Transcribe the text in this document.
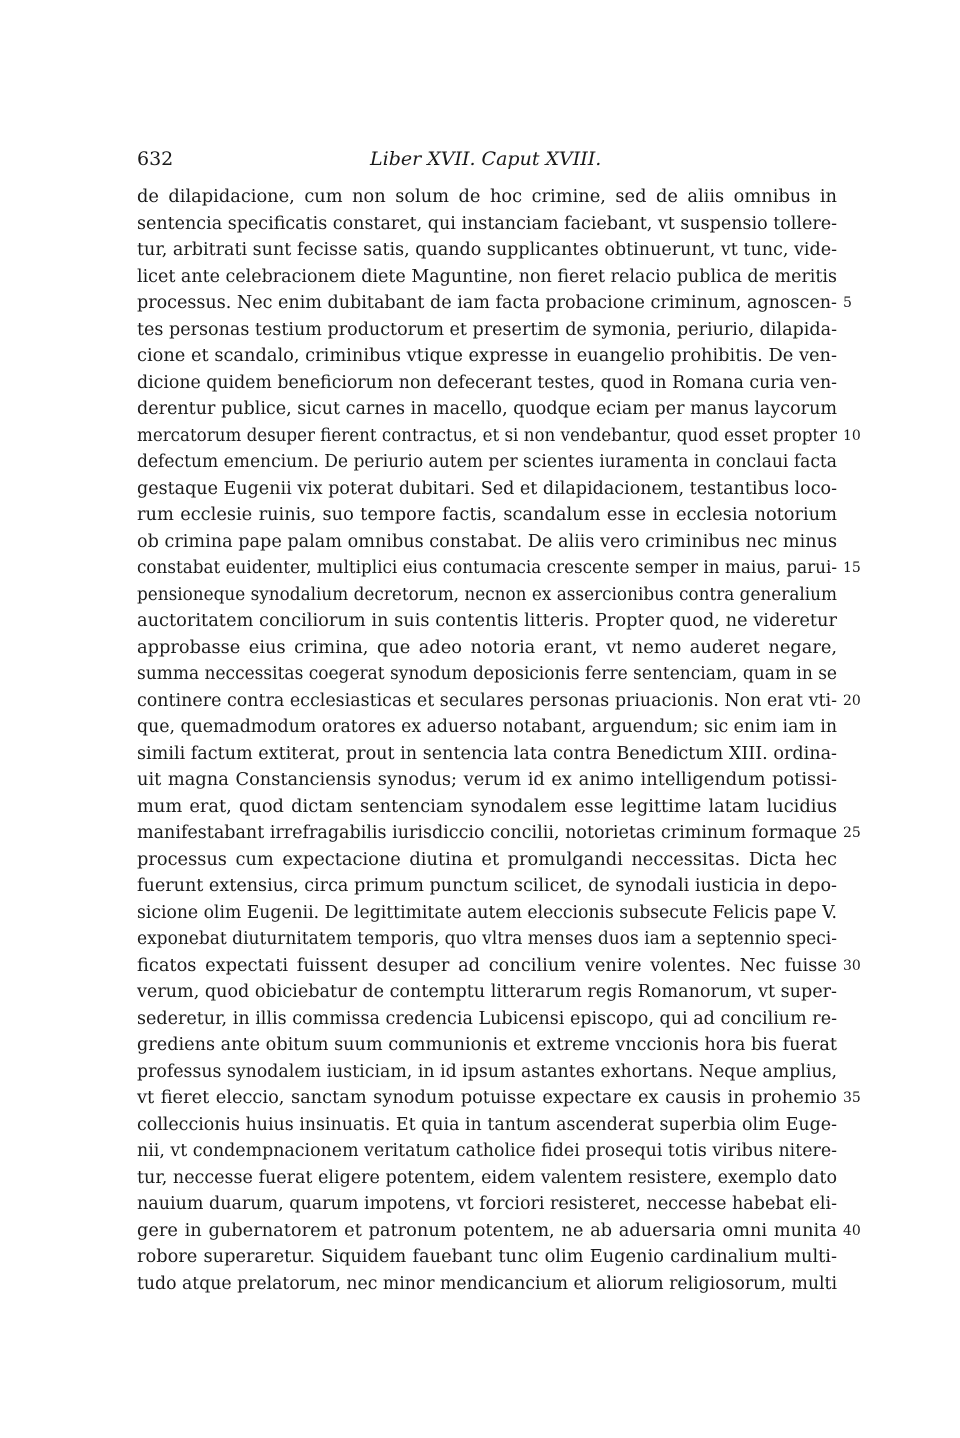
632	Liber XVII. Caput XVIII.
de dilapidacione, cum non solum de hoc crimine, sed de aliis omnibus in
sentencia specificatis constaret, qui instanciam faciebant, vt suspensio tollere-
tur, arbitrati sunt fecisse satis, quando supplicantes obtinuerunt, vt tunc, vide-
licet ante celebracionem diete Maguntine, non fieret relacio publica de meritis
processus. Nec enim dubitabant de iam facta probacione criminum, agnoscen- 5
tes personas testium productorum et presertim de symonia, periurio, dilapida-
cione et scandalo, criminibus vtique expresse in euangelio prohibitis. De ven-
dicione quidem beneficiorum non defecerant testes, quod in Romana curia ven-
derentur publice, sicut carnes in macello, quodque eciam per manus laycorum
mercatorum desuper fierent contractus, et si non vendebantur, quod esset propter 10
defectum emencium. De periurio autem per scientes iuramenta in conclaui facta
gestaque Eugenii vix poterat dubitari. Sed et dilapidacionem, testantibus loco-
rum ecclesie ruinis, suo tempore factis, scandalum esse in ecclesia notorium
ob crimina pape palam omnibus constabat. De aliis vero criminibus nec minus
constabat euidenter, multiplici eius contumacia crescente semper in maius, parui- 15
pensioneque synodalium decretorum, necnon ex assercionibus contra generalium
auctoritatem conciliorum in suis contentis litteris. Propter quod, ne videretur
approbasse eius crimina, que adeo notoria erant, vt nemo auderet negare,
summa neccessitas coegerat synodum deposicionis ferre sentenciam, quam in se
continere contra ecclesiasticas et seculares personas priuacionis. Non erat vti- 20
que, quemadmodum oratores ex aduerso notabant, arguendum; sic enim iam in
simili factum extiterat, prout in sentencia lata contra Benedictum XIII. ordina-
uit magna Constanciensis synodus; verum id ex animo intelligendum potissi-
mum erat, quod dictam sentenciam synodalem esse legittime latam lucidius
manifestabant irrefragabilis iurisdiccio concilii, notorietas criminum formaque 25
processus cum expectacione diutina et promulgandi neccessitas. Dicta hec
fuerunt extensius, circa primum punctum scilicet, de synodali iusticia in depo-
sicione olim Eugenii. De legittimitate autem eleccionis subsecute Felicis pape V.
exponebat diuturnitatem temporis, quo vltra menses duos iam a septennio speci-
ficatos expectati fuissent desuper ad concilium venire volentes. Nec fuisse 30
verum, quod obiciebatur de contemptu litterarum regis Romanorum, vt super-
sederetur, in illis commissa credencia Lubicensi episcopo, qui ad concilium re-
grediens ante obitum suum communionis et extreme vnccionis hora bis fuerat
professus synodalem iusticiam, in id ipsum astantes exhortans. Neque amplius,
vt fieret eleccio, sanctam synodum potuisse expectare ex causis in prohemio 35
colleccionis huius insinuatis. Et quia in tantum ascenderat superbia olim Euge-
nii, vt condempnacionem veritatum catholice fidei prosequi totis viribus nitere-
tur, neccesse fuerat eligere potentem, eidem valentem resistere, exemplo dato
nauium duarum, quarum impotens, vt forciori resisteret, neccesse habebat eli-
gere in gubernatorem et patronum potentem, ne ab aduersaria omni munita 40
robore superaretur. Siquidem fauebant tunc olim Eugenio cardinalium multi-
tudo atque prelatorum, nec minor mendicancium et aliorum religiosorum, multi
